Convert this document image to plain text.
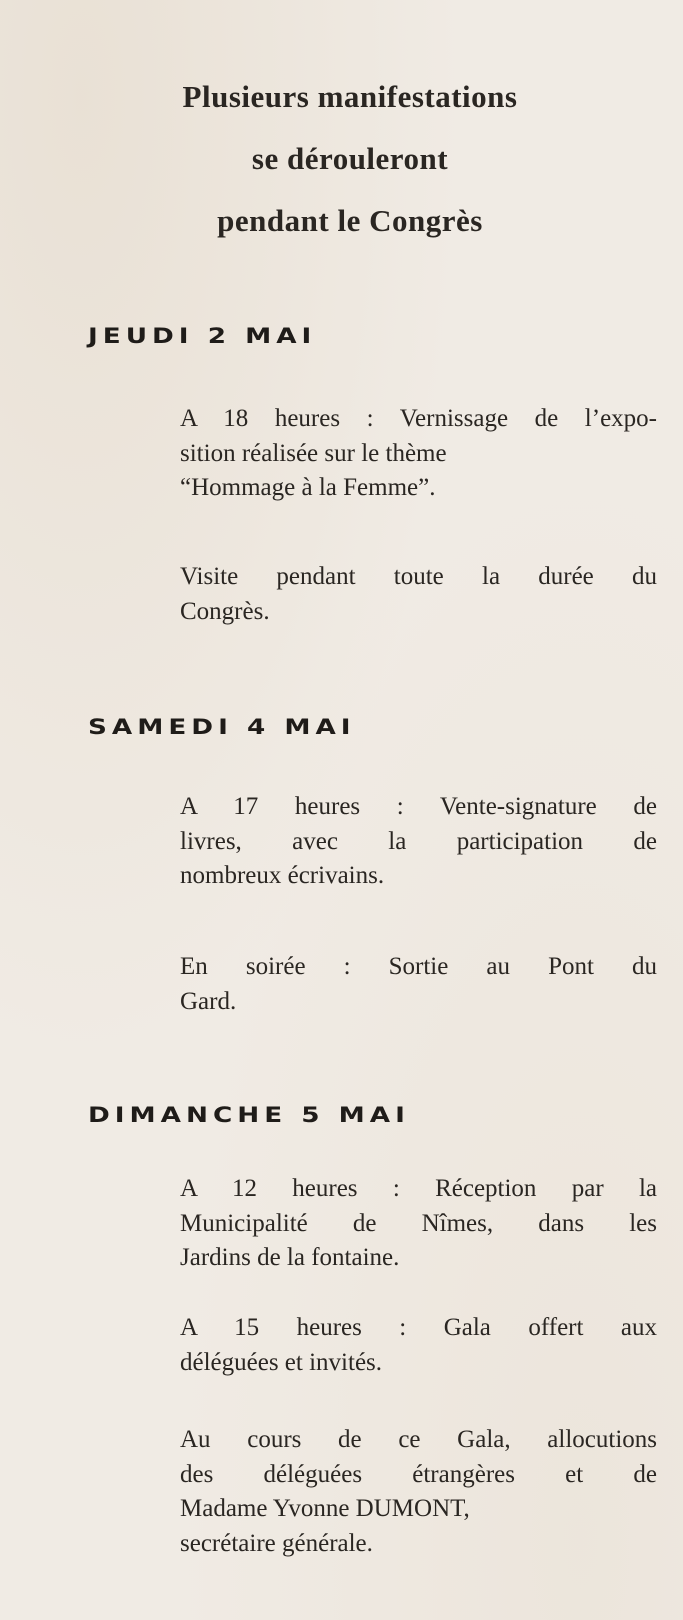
Plusieurs manifestations
se dérouleront
pendant le Congrès
JEUDI 2 MAI
A 18 heures : Vernissage de l’expo-
sition réalisée sur le thème
“Hommage à la Femme”.
Visite pendant toute la durée du
Congrès.
SAMEDI 4 MAI
A 17 heures : Vente-signature de
livres, avec la participation de
nombreux écrivains.
En soirée : Sortie au Pont du
Gard.
DIMANCHE 5 MAI
A 12 heures : Réception par la
Municipalité de Nîmes, dans les
Jardins de la fontaine.
A 15 heures : Gala offert aux
déléguées et invités.
Au cours de ce Gala, allocutions
des déléguées étrangères et de
Madame Yvonne DUMONT,
secrétaire générale.
